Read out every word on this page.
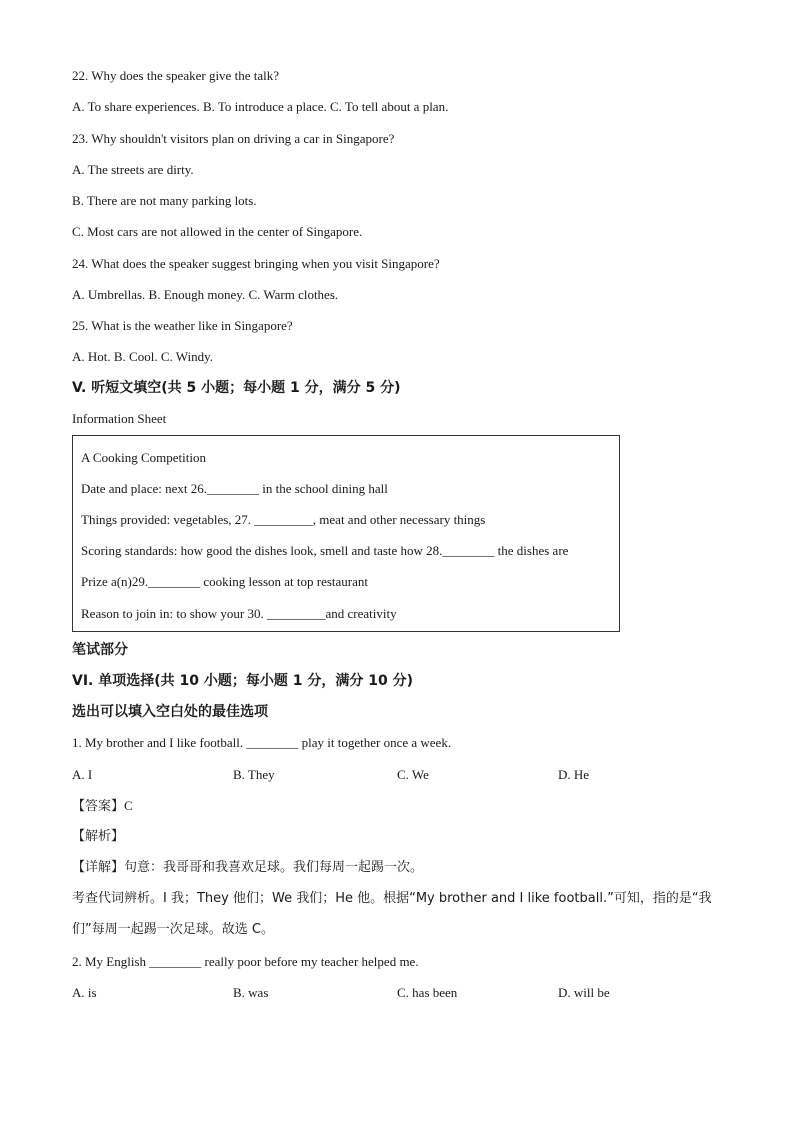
22. Why does the speaker give the talk?
A. To share experiences. B. To introduce a place. C. To tell about a plan.
23. Why shouldn't visitors plan on driving a car in Singapore?
A. The streets are dirty.
B. There are not many parking lots.
C. Most cars are not allowed in the center of Singapore.
24. What does the speaker suggest bringing when you visit Singapore?
A. Umbrellas. B. Enough money. C. Warm clothes.
25. What is the weather like in Singapore?
A. Hot. B. Cool. C. Windy.
V. 听短文填空(共 5 小题；每小题 1 分，满分 5 分)
Information Sheet
A Cooking Competition
Date and place: next 26.________ in the school dining hall
Things provided: vegetables, 27. _________, meat and other necessary things
Scoring standards: how good the dishes look, smell and taste how 28.________ the dishes are
Prize a(n)29.________ cooking lesson at top restaurant
Reason to join in: to show your 30. _________and creativity
笔试部分
VI. 单项选择(共 10 小题；每小题 1 分，满分 10 分)
选出可以填入空白处的最佳选项
1. My brother and I like football. ________ play it together once a week.
A. I	B. They	C. We	D. He
【答案】C
【解析】
【详解】句意：我哥哥和我喜欢足球。我们每周一起踢一次。
考查代词辨析。I 我；They 他们；We 我们；He 他。根据“My brother and I like football.”可知，指的是“我
们”每周一起踢一次足球。故选 C。
2. My English ________ really poor before my teacher helped me.
A. is	B. was	C. has been	D. will be
